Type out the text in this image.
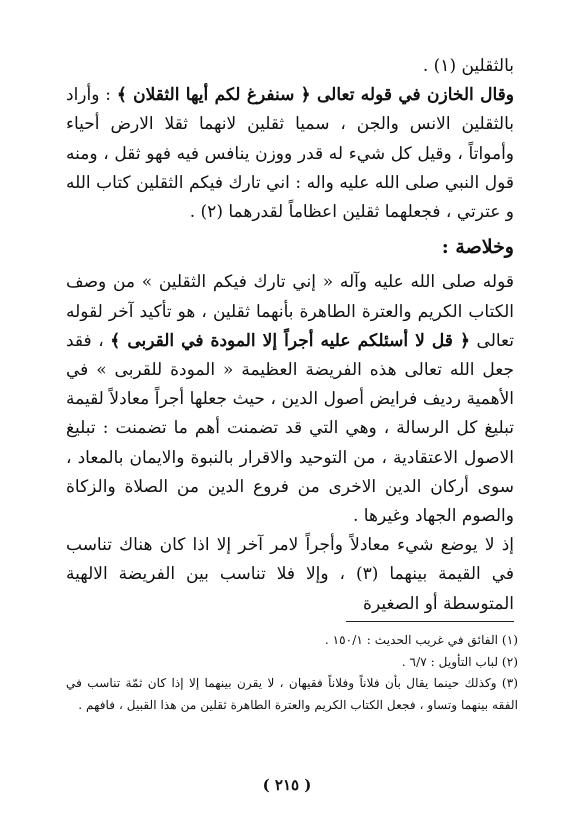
بالثقلين (١) .

وقال الخازن في قوله تعالى ﴿ سنفرغ لكم أيها الثقلان ﴾ : وأراد بالثقلين الانس والجن ، سميا ثقلين لانهما ثقلا الارض أحياء وأمواتاً ، وقيل كل شيء له قدر ووزن ينافس فيه فهو ثقل ، ومنه قول النبي صلى الله عليه واله : اني تارك فيكم الثقلين كتاب الله و عترتي ، فجعلهما ثقلين اعظاماً لقدرهما (٢) .

وخلاصة :

قوله صلى الله عليه وآله « إني تارك فيكم الثقلين » من وصف الكتاب الكريم والعترة الطاهرة بأنهما ثقلين ، هو تأكيد آخر لقوله تعالى ﴿ قل لا أسئلكم عليه أجراً إلا المودة في القربى ﴾ ، فقد جعل الله تعالى هذه الفريضة العظيمة « المودة للقربى » في الأهمية رديف فرايض أصول الدين ، حيث جعلها أجراً معادلاً لقيمة تبليغ كل الرسالة ، وهي التي قد تضمنت أهم ما تضمنت : تبليغ الاصول الاعتقادية ، من التوحيد والاقرار بالنبوة والايمان بالمعاد ، سوى أركان الدين الاخرى من فروع الدين من الصلاة والزكاة والصوم الجهاد وغيرها .

إذ لا يوضع شيء معادلاً وأجراً لامر آخر إلا اذا كان هناك تناسب في القيمة بينهما (٣) ، وإلا فلا تناسب بين الفريضة الالهية المتوسطة أو الصغيرة

(١) الفائق في غريب الحديث : ١٥٠/١ .

(٢) لباب التأويل : ٦/٧ .

(٣) وكذلك حينما يقال بأن فلاناً وفلاناً فقيهان ، لا يقرن بينهما إلا إذا كان ثمّة تناسب في الفقه بينهما وتساو ، فجعل الكتاب الكريم والعترة الطاهرة ثقلين من هذا القبيل ، فافهم .

( ٢١٥ )
